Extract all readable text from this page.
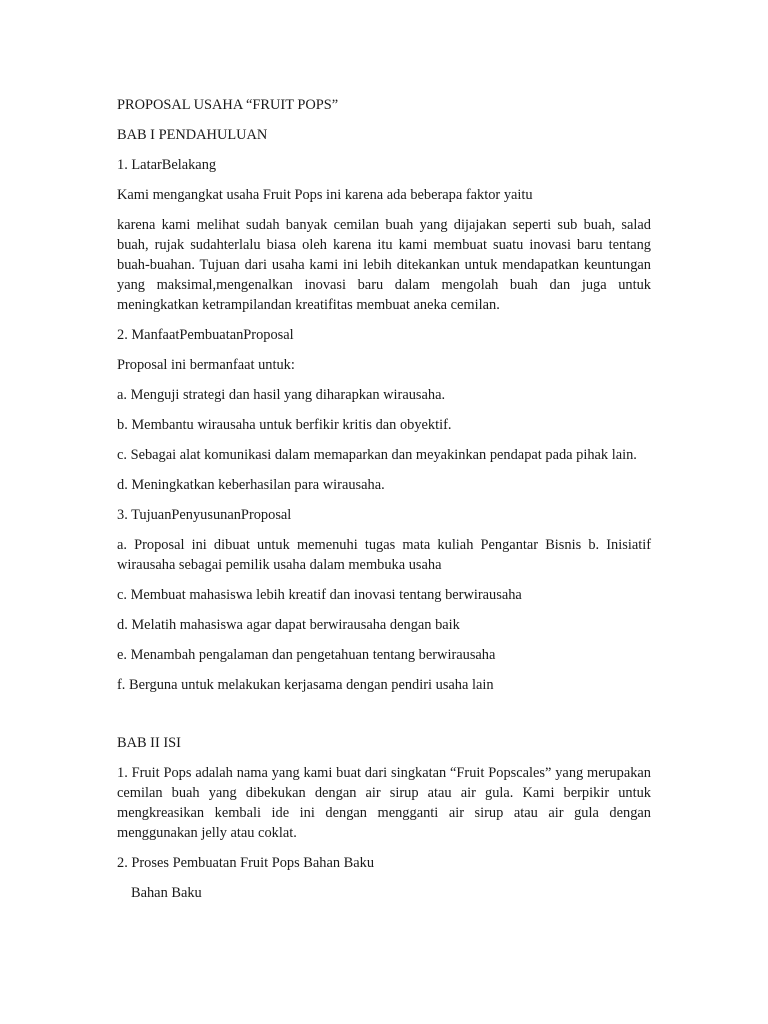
PROPOSAL USAHA “FRUIT POPS”

BAB I PENDAHULUAN

1. LatarBelakang

Kami mengangkat usaha Fruit Pops ini karena ada beberapa faktor yaitu

karena kami melihat sudah banyak cemilan buah yang dijajakan seperti sub buah, salad buah, rujak sudahterlalu biasa oleh karena itu kami membuat suatu inovasi baru tentang buah-buahan. Tujuan dari usaha kami ini lebih ditekankan untuk mendapatkan keuntungan yang maksimal,mengenalkan inovasi baru dalam mengolah buah dan juga untuk meningkatkan ketrampilandan kreatifitas membuat aneka cemilan.

2. ManfaatPembuatanProposal

Proposal ini bermanfaat untuk:

a. Menguji strategi dan hasil yang diharapkan wirausaha.

b. Membantu wirausaha untuk berfikir kritis dan obyektif.

c. Sebagai alat komunikasi dalam memaparkan dan meyakinkan pendapat pada pihak lain.

d. Meningkatkan keberhasilan para wirausaha.

3. TujuanPenyusunanProposal

a. Proposal ini dibuat untuk memenuhi tugas mata kuliah Pengantar Bisnis b. Inisiatif wirausaha sebagai pemilik usaha dalam membuka usaha

c. Membuat mahasiswa lebih kreatif dan inovasi tentang berwirausaha

d. Melatih mahasiswa agar dapat berwirausaha dengan baik

e. Menambah pengalaman dan pengetahuan tentang berwirausaha

f. Berguna untuk melakukan kerjasama dengan pendiri usaha lain

BAB II ISI

1. Fruit Pops adalah nama yang kami buat dari singkatan “Fruit Popscales” yang merupakan cemilan buah yang dibekukan dengan air sirup atau air gula. Kami berpikir untuk mengkreasikan kembali ide ini dengan mengganti air sirup atau air gula dengan menggunakan jelly atau coklat.

2. Proses Pembuatan Fruit Pops Bahan Baku

Bahan Baku
